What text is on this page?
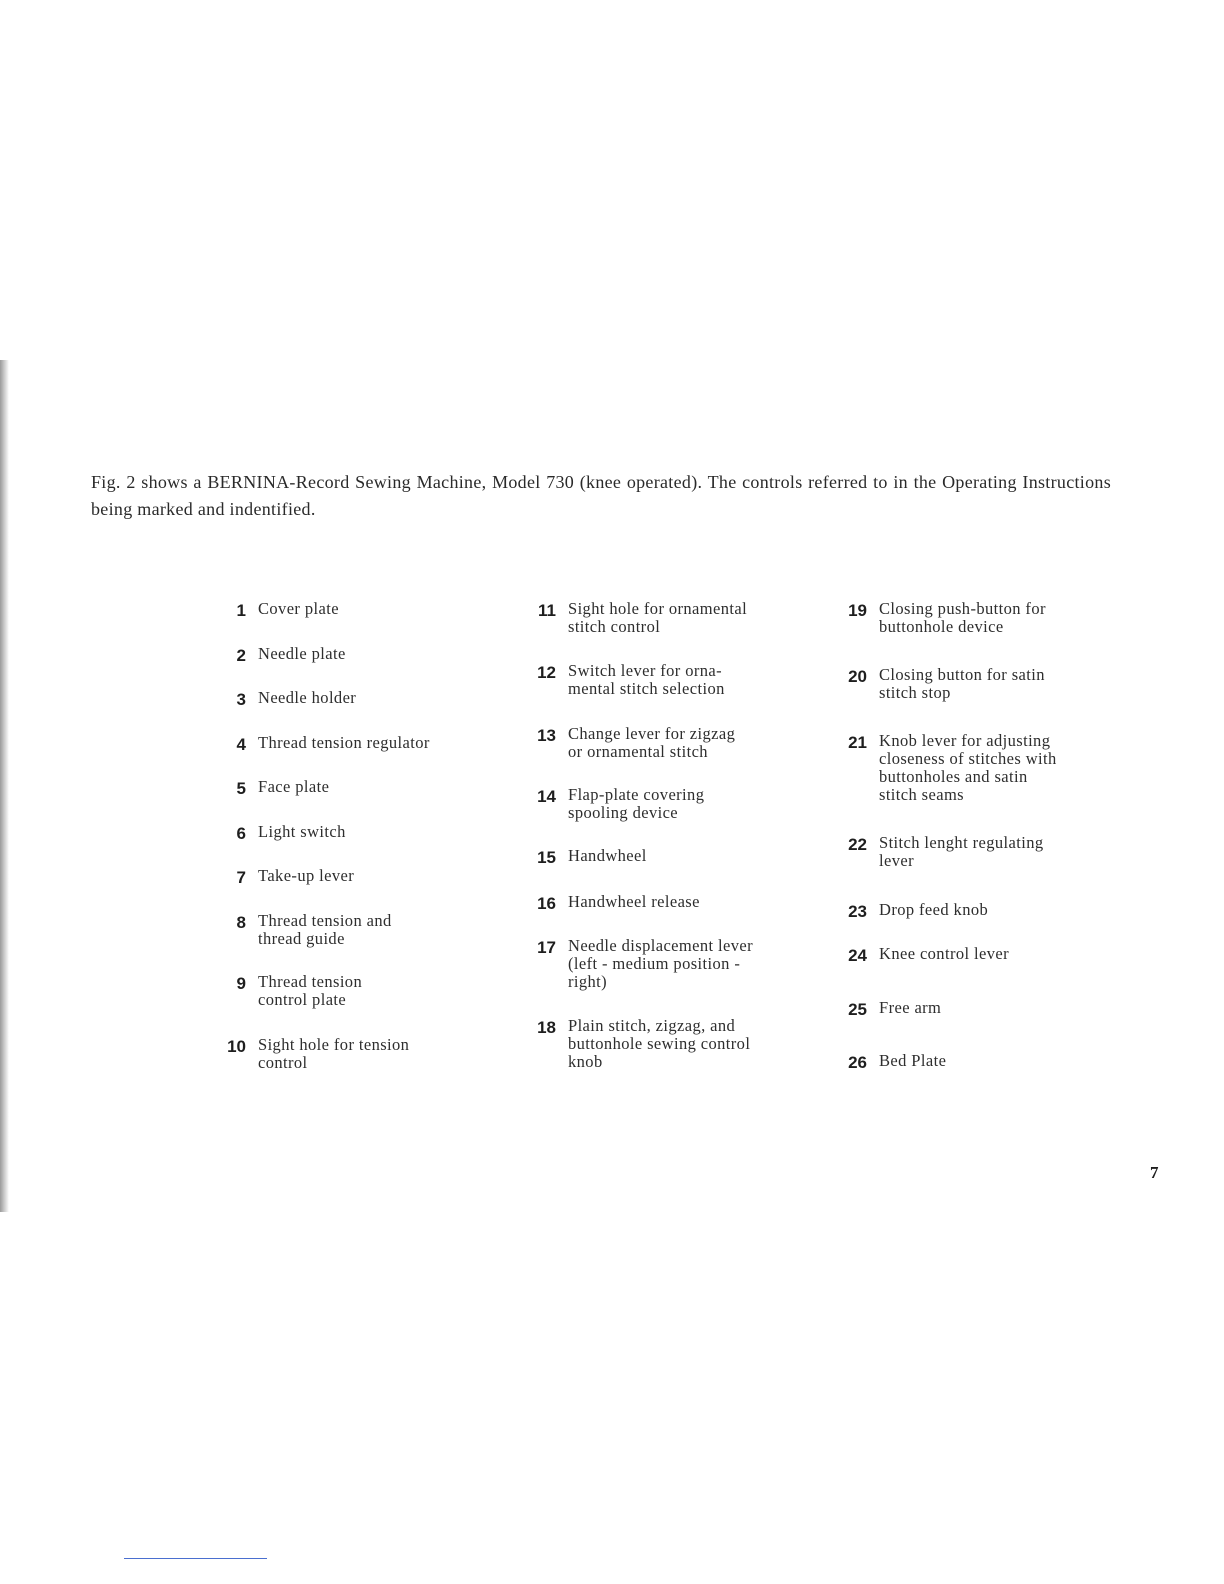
Fig. 2 shows a BERNINA-Record Sewing Machine, Model 730 (knee operated). The controls referred to in the Operating Instructions being marked and indentified.

1 Cover plate
2 Needle plate
3 Needle holder
4 Thread tension regulator
5 Face plate
6 Light switch
7 Take-up lever
8 Thread tension and
thread guide
9 Thread tension
control plate
10 Sight hole for tension
control
11 Sight hole for ornamental
stitch control
12 Switch lever for orna-
mental stitch selection
13 Change lever for zigzag
or ornamental stitch
14 Flap-plate covering
spooling device
15 Handwheel
16 Handwheel release
17 Needle displacement lever
(left - medium position -
right)
18 Plain stitch, zigzag, and
buttonhole sewing control
knob
19 Closing push-button for
buttonhole device
20 Closing button for satin
stitch stop
21 Knob lever for adjusting
closeness of stitches with
buttonholes and satin
stitch seams
22 Stitch lenght regulating
lever
23 Drop feed knob
24 Knee control lever
25 Free arm
26 Bed Plate

7
